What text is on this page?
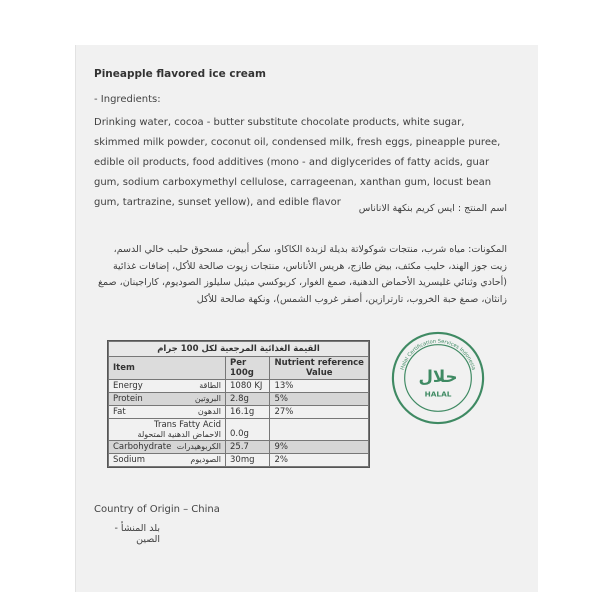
Pineapple flavored ice cream
- Ingredients:
Drinking water, cocoa - butter substitute chocolate products, white sugar, skimmed milk powder, coconut oil, condensed milk, fresh eggs, pineapple puree, edible oil products, food additives (mono - and diglycerides of fatty acids, guar gum, sodium carboxymethyl cellulose, carrageenan, xanthan gum, locust bean gum, tartrazine, sunset yellow), and edible flavor
اسم المنتج : ايس كريم بنكهة الاناناس
المكونات: مياه شرب، منتجات شوكولاتة بديلة لزبدة الكاكاو، سكر أبيض، مسحوق حليب خالي الدسم، زيت جوز الهند، حليب مكثف، بيض طازج، هريس الأناناس، منتجات زيوت صالحة للأكل، إضافات غذائية (أحادي وثنائي غليسريد الأحماض الدهنية، صمغ الغوار، كربوكسي ميثيل سليلوز الصوديوم، كاراجينان، صمغ زانثان، صمغ حبة الخروب، تارترازين، أصفر غروب الشمس)، ونكهة صالحة للأكل
القيمة الغذائية المرجعية لكل 100 جرام		
Item	Per 100g	Nutrient reference Value

Energy الطاقة	1080 KJ	13%

Protein البروتين	2.8g	5%

Fat الدهون	16.1g	27%

Trans Fatty Acid
الاحماض الدهنية المتحولة	0.0g	

Carbohydrate الكربوهيدرات	25.7	9%

Sodium الصوديوم	30mg	2%
Halal Certification Services Indonesia
حلال
HALAL
Country of Origin – China
بلد المنشأ - الصين
